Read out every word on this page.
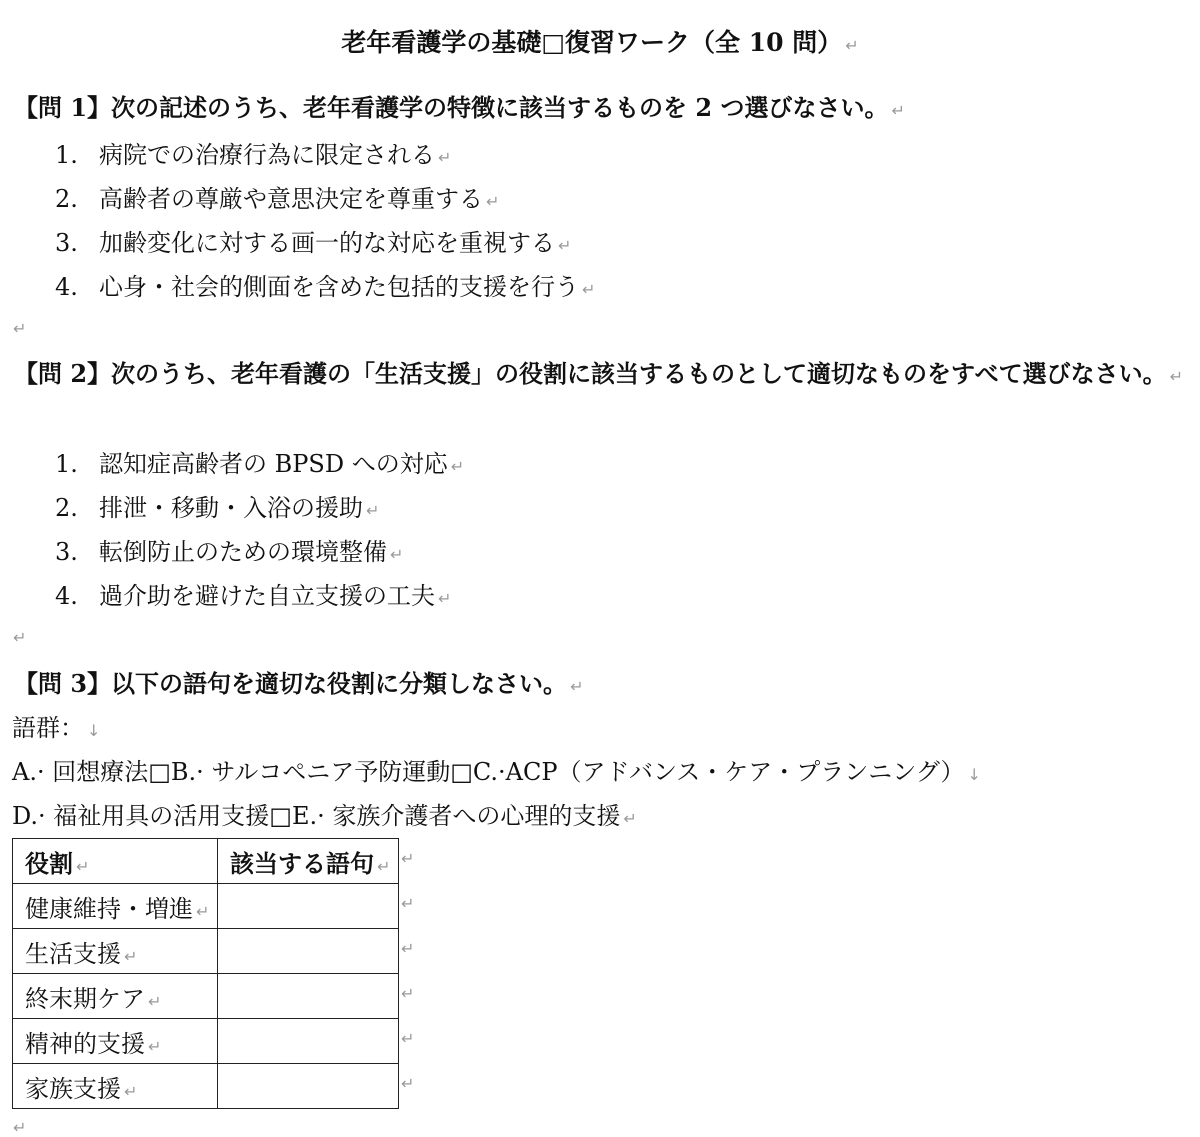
老年看護学の基礎□復習ワーク（全 10 問） ↵
【問 1】次の記述のうち、老年看護学の特徴に該当するものを 2 つ選びなさい。 ↵
1. 病院での治療行為に限定される ↵
2. 高齢者の尊厳や意思決定を尊重する ↵
3. 加齢変化に対する画一的な対応を重視する ↵
4. 心身・社会的側面を含めた包括的支援を行う ↵
↵
【問 2】次のうち、老年看護の「生活支援」の役割に該当するものとして適切なものをすべて選びなさい。 ↵
1. 認知症高齢者の BPSD への対応 ↵
2. 排泄・移動・入浴の援助 ↵
3. 転倒防止のための環境整備 ↵
4. 過介助を避けた自立支援の工夫 ↵
↵
【問 3】以下の語句を適切な役割に分類しなさい。 ↵
語群： ↓
A.· 回想療法□B.· サルコペニア予防運動□C.·ACP（アドバンス・ケア・プランニング） ↓
D.· 福祉用具の活用支援□E.· 家族介護者への心理的支援 ↵
役割 ↵	該当する語句 ↵
健康維持・増進 ↵	
生活支援 ↵	
終末期ケア ↵	
精神的支援 ↵	
家族支援 ↵	
↵
↵
↵
↵
↵
↵
↵
